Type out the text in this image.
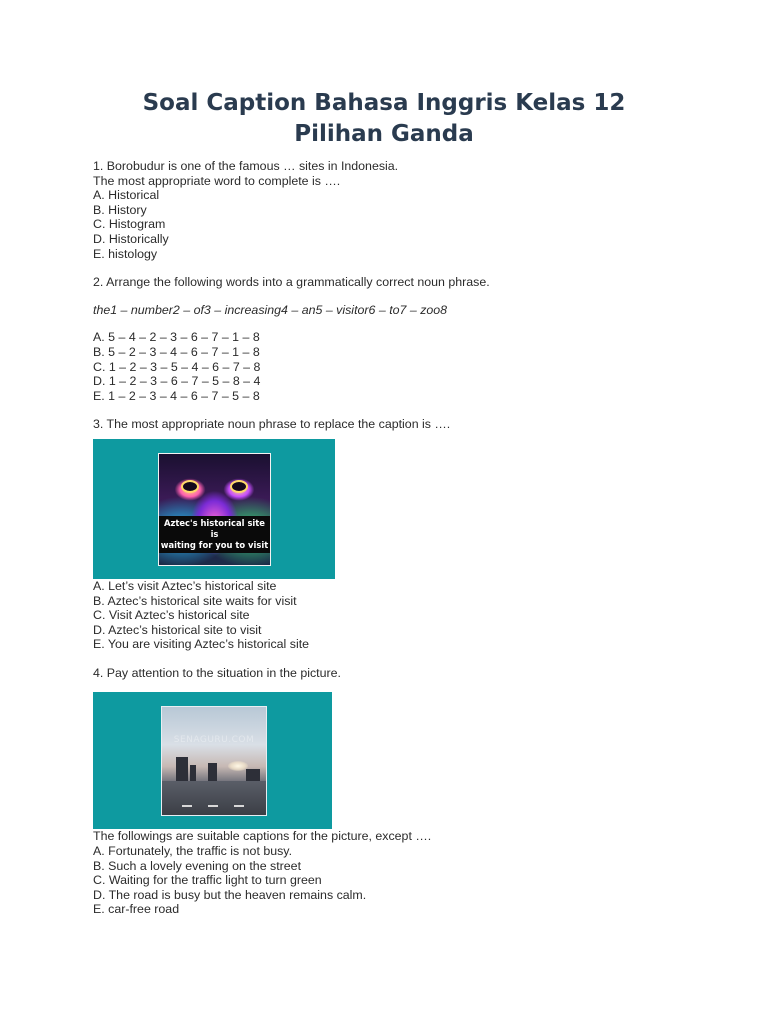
Soal Caption Bahasa Inggris Kelas 12
Pilihan Ganda
1. Borobudur is one of the famous … sites in Indonesia.
The most appropriate word to complete is ….
A. Historical
B. History
C. Histogram
D. Historically
E. histology
2. Arrange the following words into a grammatically correct noun phrase.
the1 – number2 – of3 – increasing4 – an5 – visitor6 – to7 – zoo8
A. 5 – 4 – 2 – 3 – 6 – 7 – 1 – 8
B. 5 – 2 – 3 – 4 – 6 – 7 – 1 – 8
C. 1 – 2 – 3 – 5 – 4 – 6 – 7 – 8
D. 1 – 2 – 3 – 6 – 7 – 5 – 8 – 4
E. 1 – 2 – 3 – 4 – 6 – 7 – 5 – 8
3. The most appropriate noun phrase to replace the caption is ….
Aztec's historical site is
waiting for you to visit
A. Let’s visit Aztec’s historical site
B. Aztec’s historical site waits for visit
C. Visit Aztec’s historical site
D. Aztec’s historical site to visit
E. You are visiting Aztec’s historical site
4. Pay attention to the situation in the picture.
SENAGURU.COM
The followings are suitable captions for the picture, except ….
A. Fortunately, the traffic is not busy.
B. Such a lovely evening on the street
C. Waiting for the traffic light to turn green
D. The road is busy but the heaven remains calm.
E. car-free road
